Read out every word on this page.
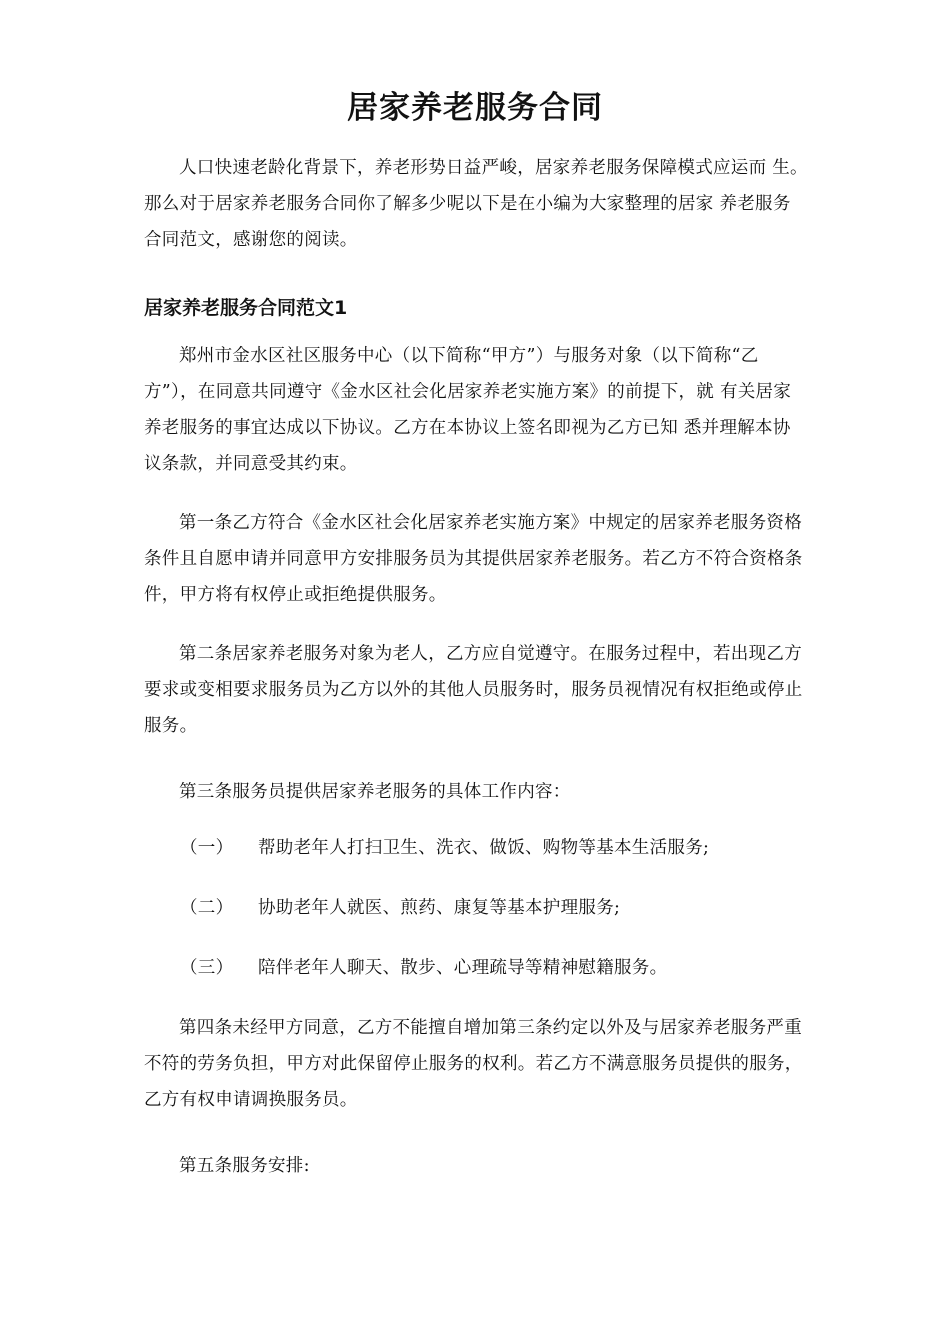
居家养老服务合同
人口快速老龄化背景下，养老形势日益严峻，居家养老服务保障模式应运而 生。那么对于居家养老服务合同你了解多少呢以下是在小编为大家整理的居家 养老服务合同范文，感谢您的阅读。
居家养老服务合同范文1
郑州市金水区社区服务中心（以下简称“甲方”）与服务对象（以下简称“乙方”），在同意共同遵守《金水区社会化居家养老实施方案》的前提下，就 有关居家养老服务的事宜达成以下协议。乙方在本协议上签名即视为乙方已知 悉并理解本协议条款，并同意受其约束。
第一条乙方符合《金水区社会化居家养老实施方案》中规定的居家养老服务资格条件且自愿申请并同意甲方安排服务员为其提供居家养老服务。若乙方不符合资格条件，甲方将有权停止或拒绝提供服务。
第二条居家养老服务对象为老人，乙方应自觉遵守。在服务过程中，若出现乙方要求或变相要求服务员为乙方以外的其他人员服务时，服务员视情况有权拒绝或停止服务。
第三条服务员提供居家养老服务的具体工作内容：
（一） 帮助老年人打扫卫生、洗衣、做饭、购物等基本生活服务;
（二） 协助老年人就医、煎药、康复等基本护理服务;
（三） 陪伴老年人聊天、散步、心理疏导等精神慰籍服务。
第四条未经甲方同意，乙方不能擅自增加第三条约定以外及与居家养老服务严重不符的劳务负担，甲方对此保留停止服务的权利。若乙方不满意服务员提供的服务，乙方有权申请调换服务员。
第五条服务安排:
